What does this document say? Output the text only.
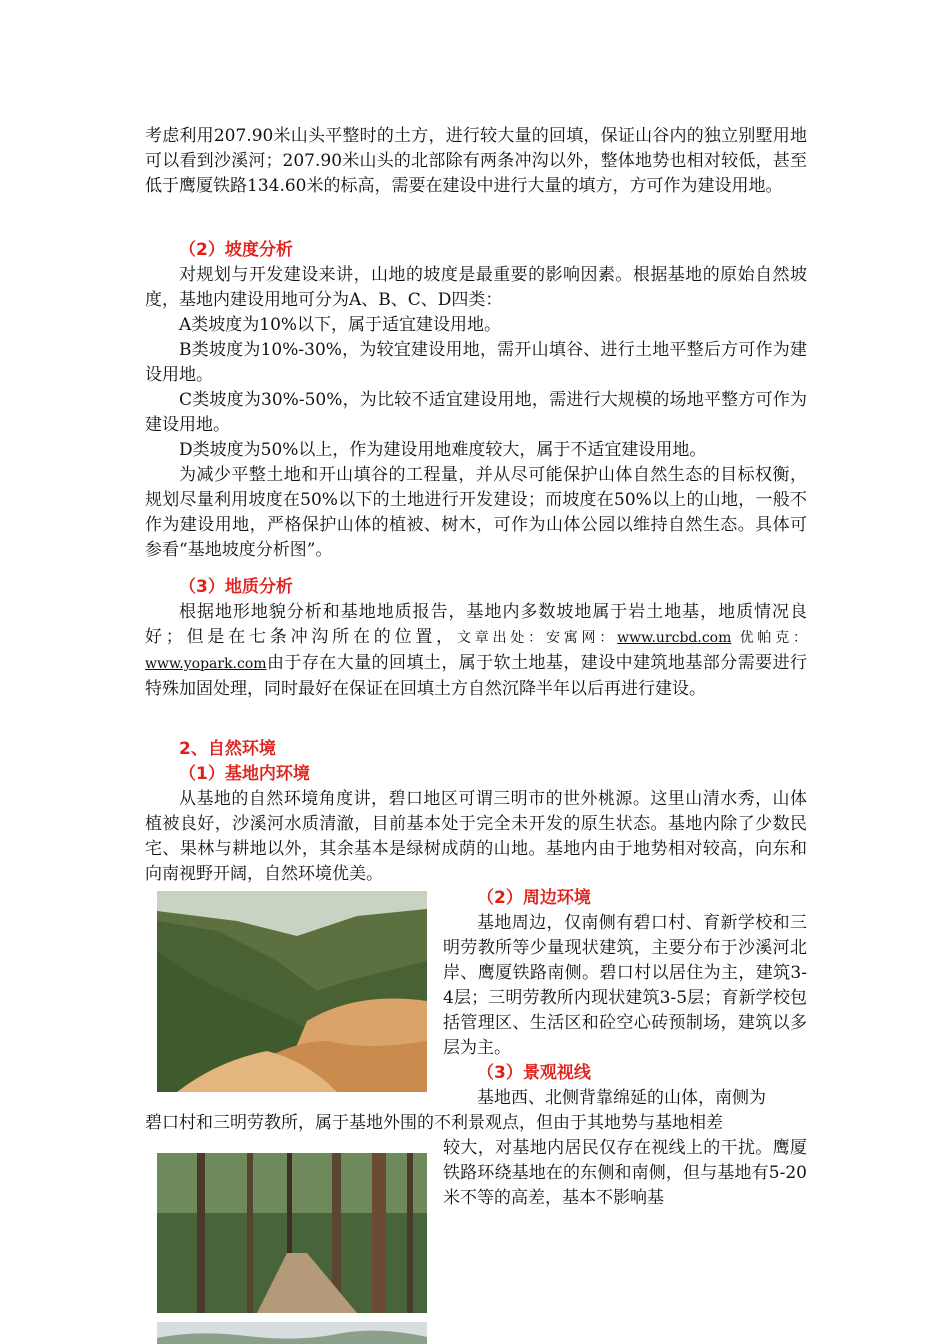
考虑利用207.90米山头平整时的土方，进行较大量的回填，保证山谷内的独立别墅用地可以看到沙溪河；207.90米山头的北部除有两条冲沟以外，整体地势也相对较低，甚至低于鹰厦铁路134.60米的标高，需要在建设中进行大量的填方，方可作为建设用地。

（2）坡度分析

对规划与开发建设来讲，山地的坡度是最重要的影响因素。根据基地的原始自然坡度，基地内建设用地可分为A、B、C、D四类：

A类坡度为10%以下，属于适宜建设用地。

B类坡度为10%-30%，为较宜建设用地，需开山填谷、进行土地平整后方可作为建设用地。

C类坡度为30%-50%，为比较不适宜建设用地，需进行大规模的场地平整方可作为建设用地。

D类坡度为50%以上，作为建设用地难度较大，属于不适宜建设用地。

为减少平整土地和开山填谷的工程量，并从尽可能保护山体自然生态的目标权衡，规划尽量利用坡度在50%以下的土地进行开发建设；而坡度在50%以上的山地，一般不作为建设用地，严格保护山体的植被、树木，可作为山体公园以维持自然生态。具体可参看“基地坡度分析图”。

（3）地质分析

根据地形地貌分析和基地地质报告，基地内多数坡地属于岩土地基，地质情况良好；但是在七条冲沟所在的位置，文章出处：安寓网：www.urcbd.com 优帕克：www.yopark.com由于存在大量的回填土，属于软土地基，建设中建筑地基部分需要进行特殊加固处理，同时最好在保证在回填土方自然沉降半年以后再进行建设。

2、自然环境
（1）基地内环境

从基地的自然环境角度讲，碧口地区可谓三明市的世外桃源。这里山清水秀，山体植被良好，沙溪河水质清澈，目前基本处于完全未开发的原生状态。基地内除了少数民宅、果林与耕地以外，其余基本是绿树成荫的山地。基地内由于地势相对较高，向东和向南视野开阔，自然环境优美。

（2）周边环境

基地周边，仅南侧有碧口村、育新学校和三明劳教所等少量现状建筑，主要分布于沙溪河北岸、鹰厦铁路南侧。碧口村以居住为主，建筑3-4层；三明劳教所内现状建筑3-5层；育新学校包括管理区、生活区和砼空心砖预制场，建筑以多层为主。

（3）景观视线

基地西、北侧背靠绵延的山体，南侧为

碧口村和三明劳教所，属于基地外围的不利景观点，但由于其地势与基地相差

较大，对基地内居民仅存在视线上的干扰。鹰厦铁路环绕基地在的东侧和南侧，但与基地有5-20米不等的高差，基本不影响基
